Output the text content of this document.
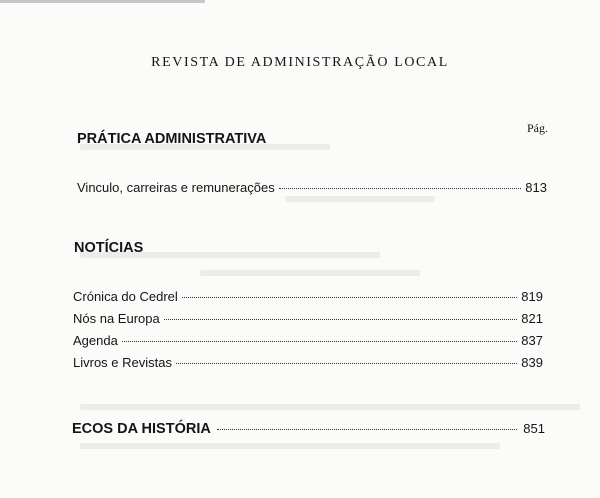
REVISTA DE ADMINISTRAÇÃO LOCAL
Pág.
PRÁTICA ADMINISTRATIVA
Vinculo, carreiras e remunerações	813
NOTÍCIAS
Crónica do Cedrel	819
Nós na Europa	821
Agenda	837
Livros e Revistas	839
ECOS DA HISTÓRIA	851
